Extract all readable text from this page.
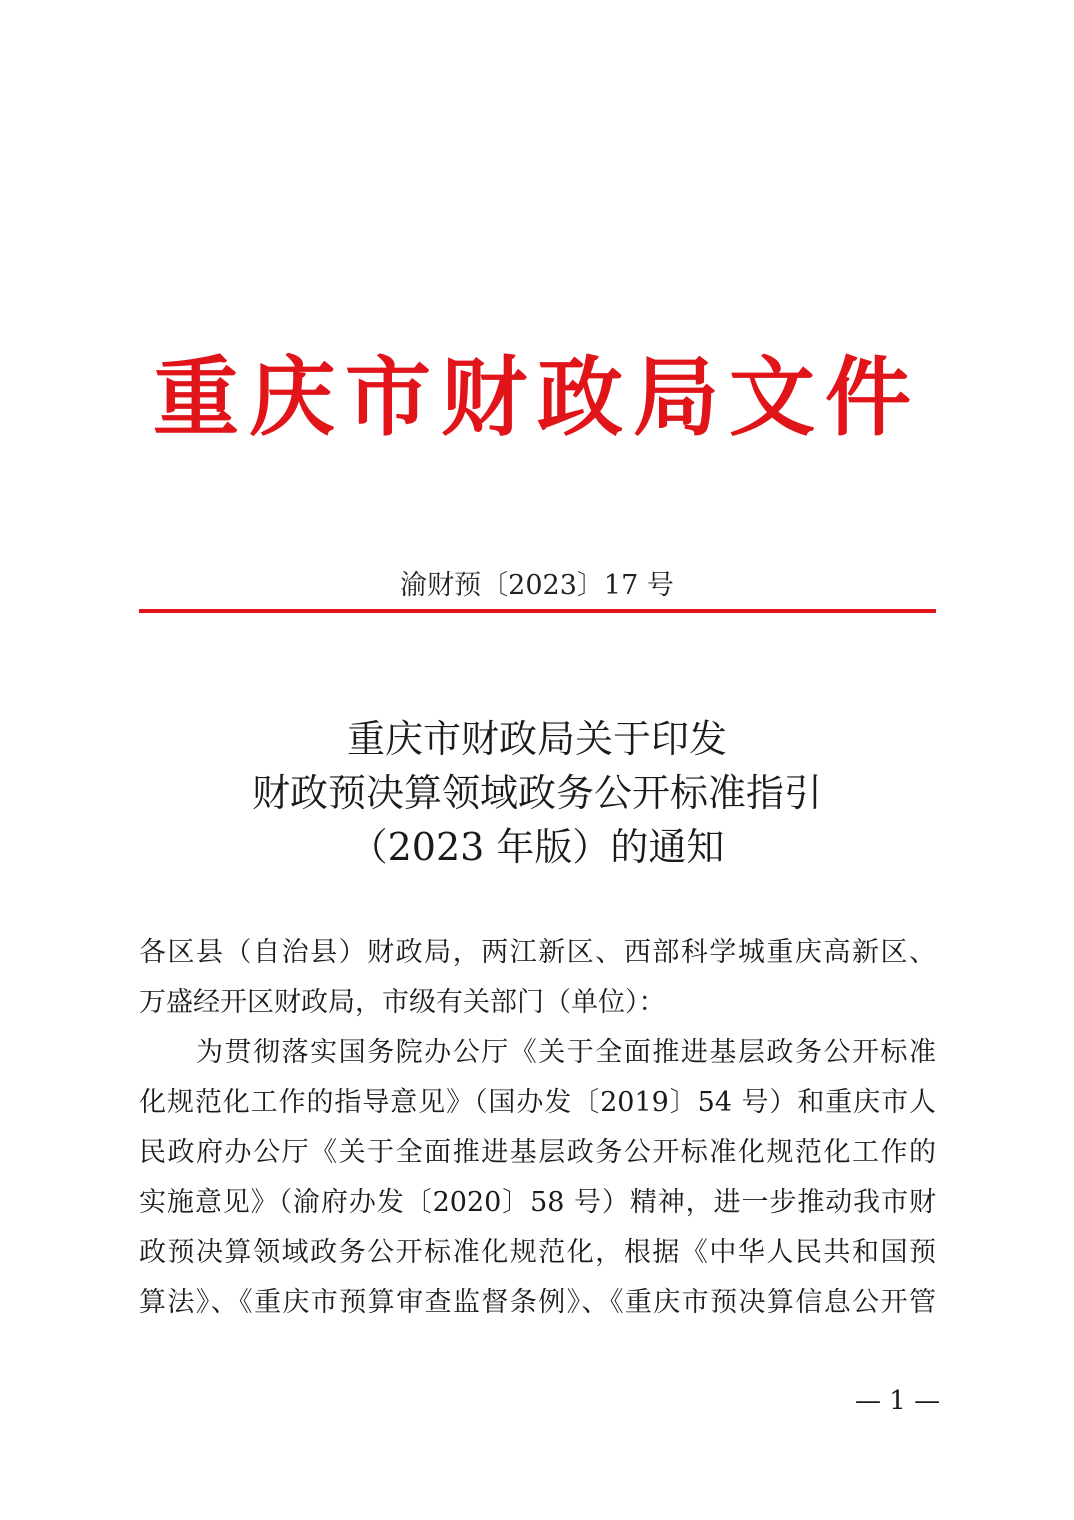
重庆市财政局文件
渝财预〔2023〕17 号
重庆市财政局关于印发
财政预决算领域政务公开标准指引
（2023 年版）的通知
各区县（自治县）财政局，两江新区、西部科学城重庆高新区、
万盛经开区财政局，市级有关部门（单位）：
　　为贯彻落实国务院办公厅《关于全面推进基层政务公开标准
化规范化工作的指导意见》（国办发〔2019〕54 号）和重庆市人
民政府办公厅《关于全面推进基层政务公开标准化规范化工作的
实施意见》（渝府办发〔2020〕58 号）精神，进一步推动我市财
政预决算领域政务公开标准化规范化，根据《中华人民共和国预
算法》、《重庆市预算审查监督条例》、《重庆市预决算信息公开管
— 1 —
